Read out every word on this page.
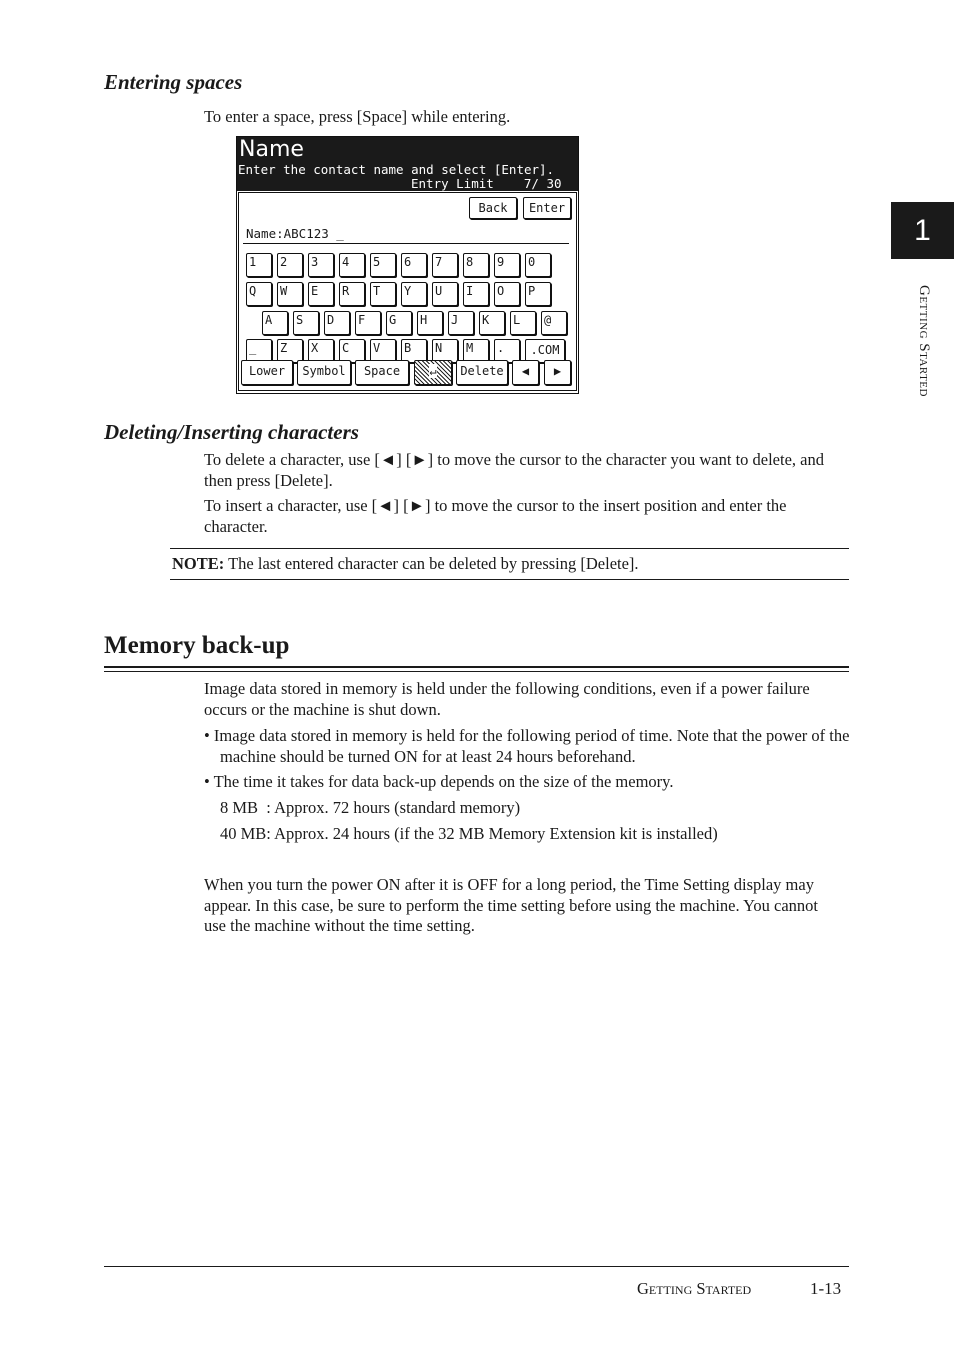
1
Getting Started
Entering spaces
To enter a space, press [Space] while entering.
Name
Enter the contact name and select [Enter].
Entry Limit    7/ 30
Back	Enter
Name:ABC123 _
1	2	3	4	5	6	7	8	9	0
Q	W	E	R	T	Y	U	I	O	P
A	S	D	F	G	H	J	K	L	@
_	Z	X	C	V	B	N	M	.	.COM
Lower	Symbol	Space	↵	Delete	◀	▶
Deleting/Inserting characters
To delete a character, use [◄] [►] to move the cursor to the character you want to delete, and then press [Delete].
To insert a character, use [◄] [►] to move the cursor to the insert position and enter the character.
NOTE: The last entered character can be deleted by pressing [Delete].
Memory back-up
Image data stored in memory is held under the following conditions, even if a power failure occurs or the machine is shut down.
• Image data stored in memory is held for the following period of time. Note that the power of the machine should be turned ON for at least 24 hours beforehand.
• The time it takes for data back-up depends on the size of the memory.
8 MB  : Approx. 72 hours (standard memory)
40 MB: Approx. 24 hours (if the 32 MB Memory Extension kit is installed)
When you turn the power ON after it is OFF for a long period, the Time Setting display may appear. In this case, be sure to perform the time setting before using the machine. You cannot use the machine without the time setting.
Getting Started	1-13
